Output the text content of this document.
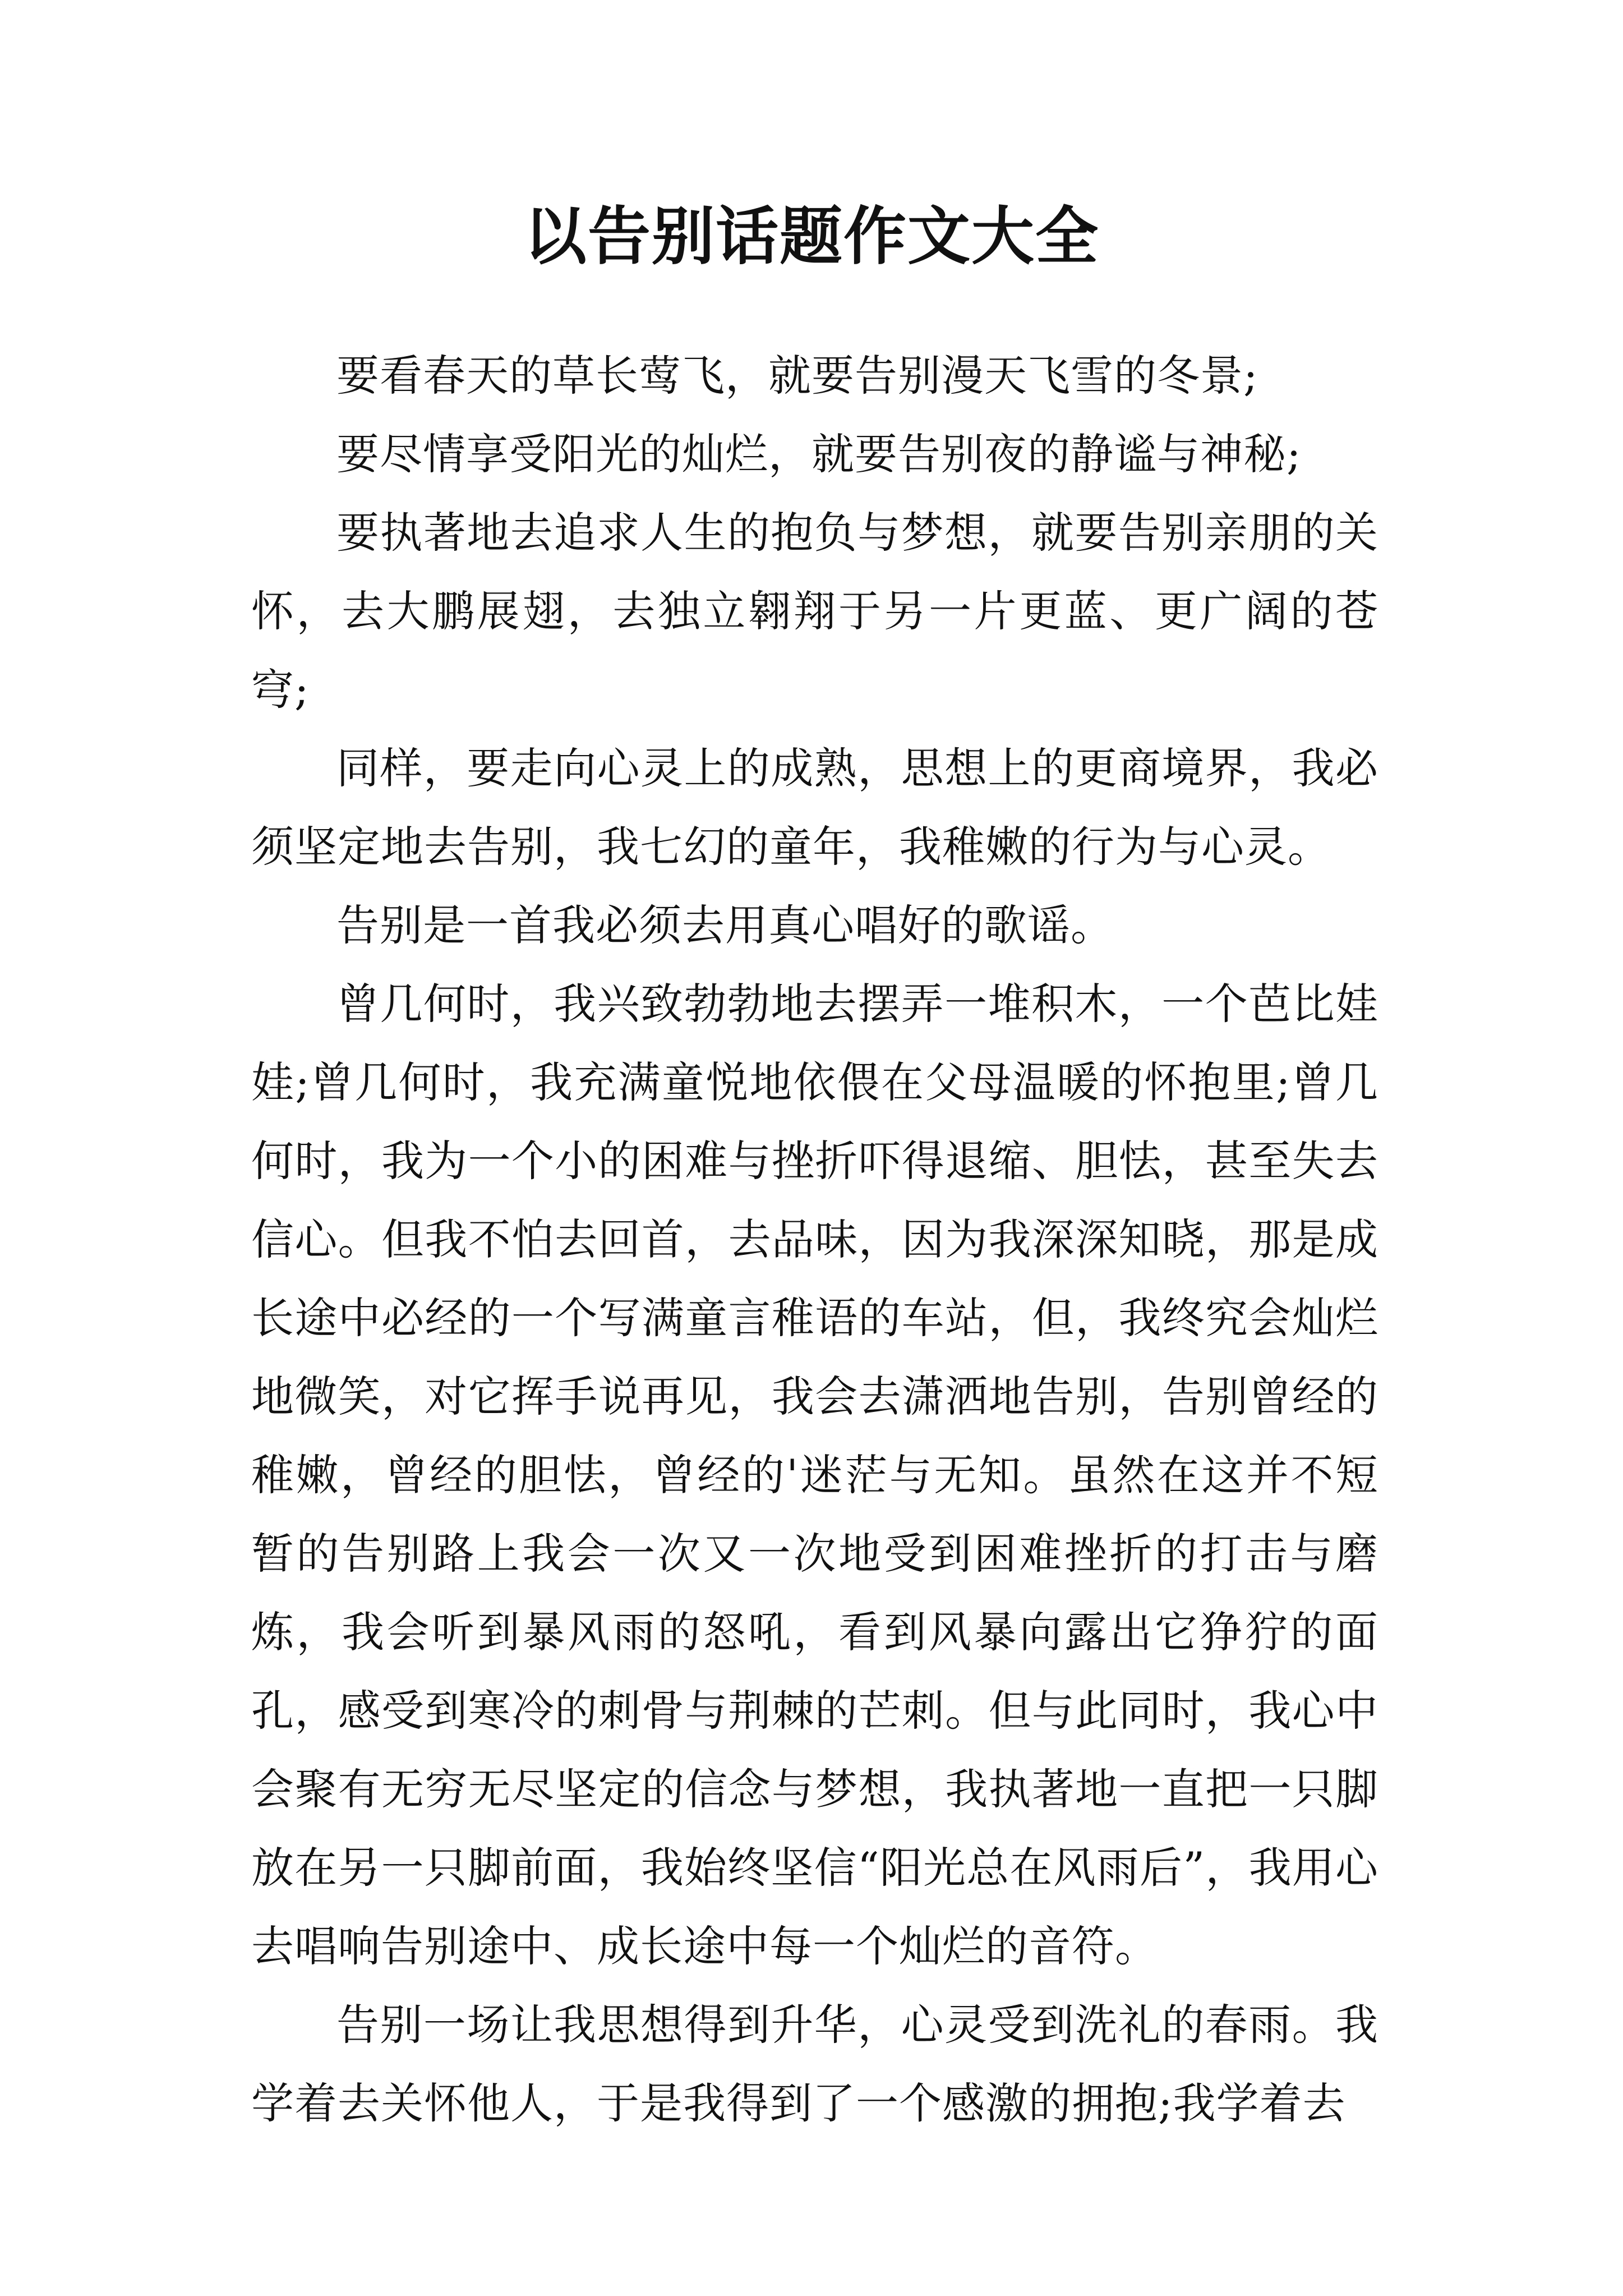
以告别话题作文大全

要看春天的草长莺飞，就要告别漫天飞雪的冬景;

要尽情享受阳光的灿烂，就要告别夜的静谧与神秘;

要执著地去追求人生的抱负与梦想，就要告别亲朋的关怀，去大鹏展翅，去独立翱翔于另一片更蓝、更广阔的苍穹;

同样，要走向心灵上的成熟，思想上的更商境界，我必须坚定地去告别，我七幻的童年，我稚嫩的行为与心灵。

告别是一首我必须去用真心唱好的歌谣。

曾几何时，我兴致勃勃地去摆弄一堆积木，一个芭比娃娃;曾几何时，我充满童悦地依偎在父母温暖的怀抱里;曾几何时，我为一个小的困难与挫折吓得退缩、胆怯，甚至失去信心。但我不怕去回首，去品味，因为我深深知晓，那是成长途中必经的一个写满童言稚语的车站，但，我终究会灿烂地微笑，对它挥手说再见，我会去潇洒地告别，告别曾经的稚嫩，曾经的胆怯，曾经的'迷茫与无知。虽然在这并不短暂的告别路上我会一次又一次地受到困难挫折的打击与磨炼，我会听到暴风雨的怒吼，看到风暴向露出它狰狞的面孔，感受到寒冷的刺骨与荆棘的芒刺。但与此同时，我心中会聚有无穷无尽坚定的信念与梦想，我执著地一直把一只脚放在另一只脚前面，我始终坚信“阳光总在风雨后”，我用心去唱响告别途中、成长途中每一个灿烂的音符。

告别一场让我思想得到升华，心灵受到洗礼的春雨。我学着去关怀他人，于是我得到了一个感激的拥抱;我学着去
